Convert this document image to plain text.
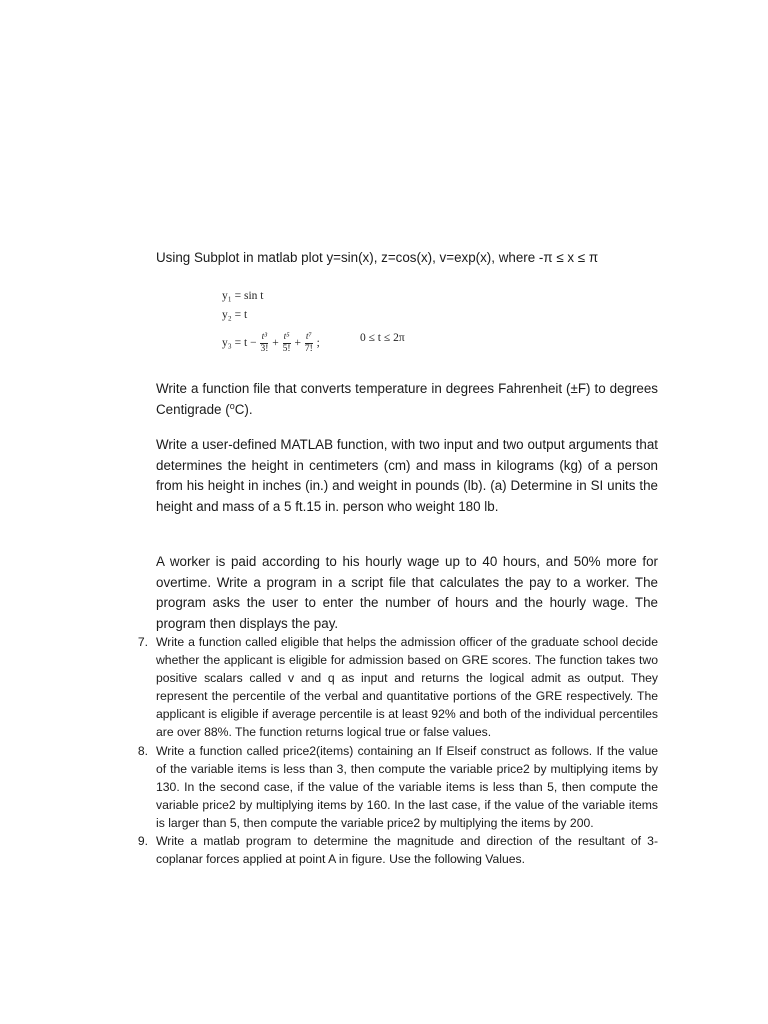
Using Subplot in matlab plot y=sin(x), z=cos(x), v=exp(x), where -π ≤ x ≤ π
y₁ = sin t
y₂ = t
$y_3 = t - \frac{\text{t³}}{3!} + \frac{\text{t⁵}}{5!} + \frac{\text{t⁷}}{7!}$ ;	0 ≤ t ≤ 2π
Write a function file that converts temperature in degrees Fahrenheit (±F) to degrees Centigrade ($^o$C).
Write a user-defined MATLAB function, with two input and two output arguments that determines the height in centimeters (cm) and mass in kilograms (kg) of a person from his height in inches (in.) and weight in pounds (lb). (a) Determine in SI units the height and mass of a 5 ft.15 in. person who weight 180 lb.
A worker is paid according to his hourly wage up to 40 hours, and 50% more for overtime. Write a program in a script file that calculates the pay to a worker. The program asks the user to enter the number of hours and the hourly wage. The program then displays the pay.
7. Write a function called eligible that helps the admission officer of the graduate school decide whether the applicant is eligible for admission based on GRE scores. The function takes two positive scalars called v and q as input and returns the logical admit as output. They represent the percentile of the verbal and quantitative portions of the GRE respectively. The applicant is eligible if average percentile is at least 92% and both of the individual percentiles are over 88%. The function returns logical true or false values.
8. Write a function called price2(items) containing an If Elseif construct as follows. If the value of the variable items is less than 3, then compute the variable price2 by multiplying items by 130. In the second case, if the value of the variable items is less than 5, then compute the variable price2 by multiplying items by 160. In the last case, if the value of the variable items is larger than 5, then compute the variable price2 by multiplying the items by 200.
9. Write a matlab program to determine the magnitude and direction of the resultant of 3-coplanar forces applied at point A in figure. Use the following Values.
